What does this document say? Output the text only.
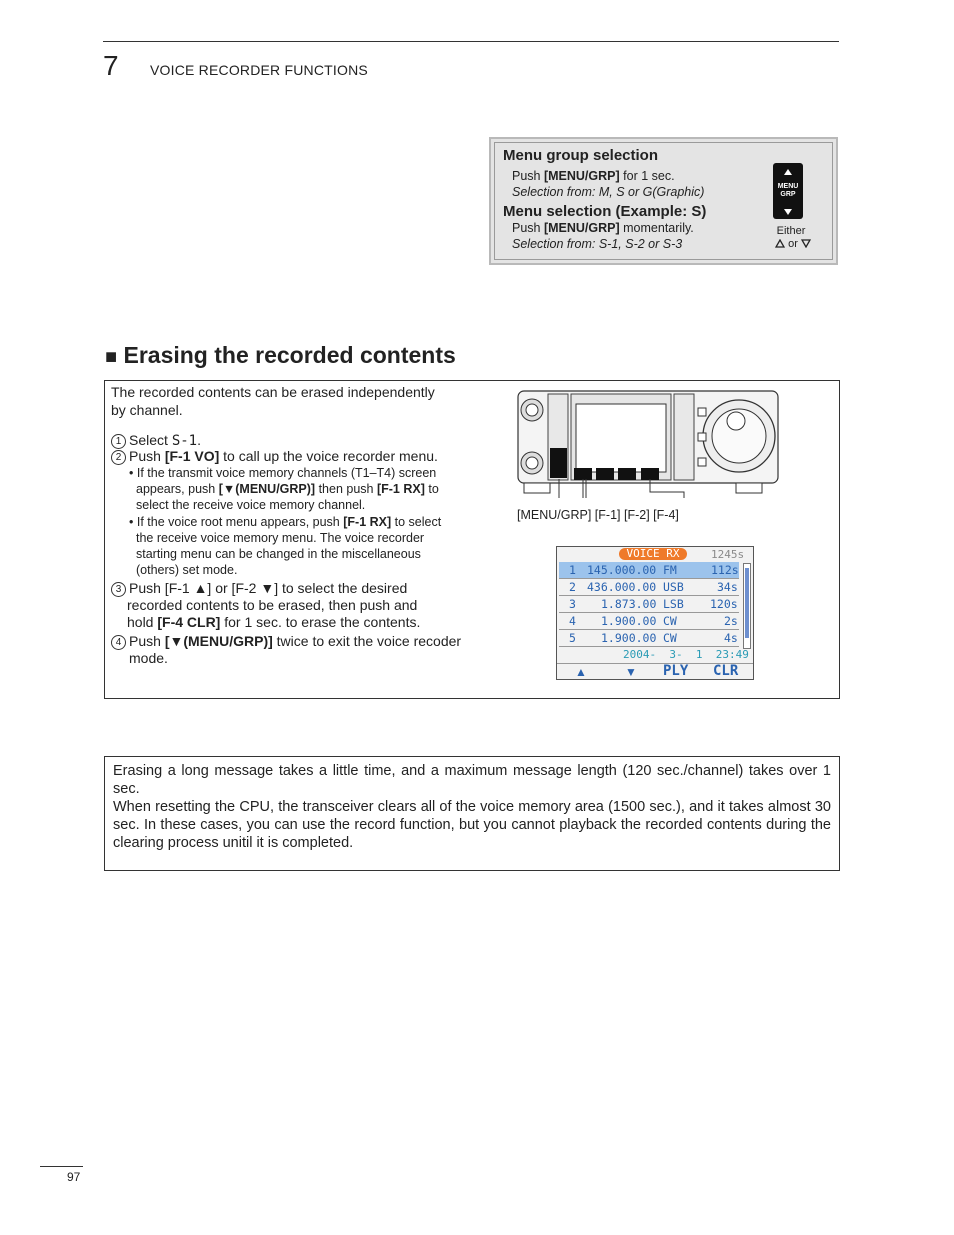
7 VOICE RECORDER FUNCTIONS
Menu group selection
Push [MENU/GRP] for 1 sec.
Selection from: M, S or G(Graphic)
Menu selection (Example: S)
Push [MENU/GRP] momentarily.
Selection from: S-1, S-2 or S-3
MENU
GRP
Either
or
■ Erasing the recorded contents
The recorded contents can be erased independently
by channel.
1 Select S-1.
2 Push [F-1 VO] to call up the voice recorder menu.
• If the transmit voice memory channels (T1–T4) screen
appears, push [▼(MENU/GRP)] then push [F-1 RX] to
select the receive voice memory channel.
• If the voice root menu appears, push [F-1 RX] to select
the receive voice memory menu. The voice recorder
starting menu can be changed in the miscellaneous
(others) set mode.
3 Push [F-1 ▲] or [F-2 ▼] to select the desired
recorded contents to be erased, then push and
hold [F-4 CLR] for 1 sec. to erase the contents.
4 Push [▼(MENU/GRP)] twice to exit the voice recoder
mode.
[MENU/GRP] [F-1] [F-2] [F-4]
VOICE RX	1245s
1 145.000.00 FM	112s
2 436.000.00 USB	34s
3 1.873.00 LSB 120s
4 1.900.00 CW	2s
5 1.900.00 CW	4s
2004-  3-  1  23:49
▲	▼ PLY CLR
Erasing a long message takes a little time, and a maximum message length (120 sec./channel) takes over 1 sec.
When resetting the CPU, the transceiver clears all of the voice memory area (1500 sec.), and it takes almost 30 sec. In these cases, you can use the record function, but you cannot playback the recorded contents during the clearing process unitil it is completed.
97
